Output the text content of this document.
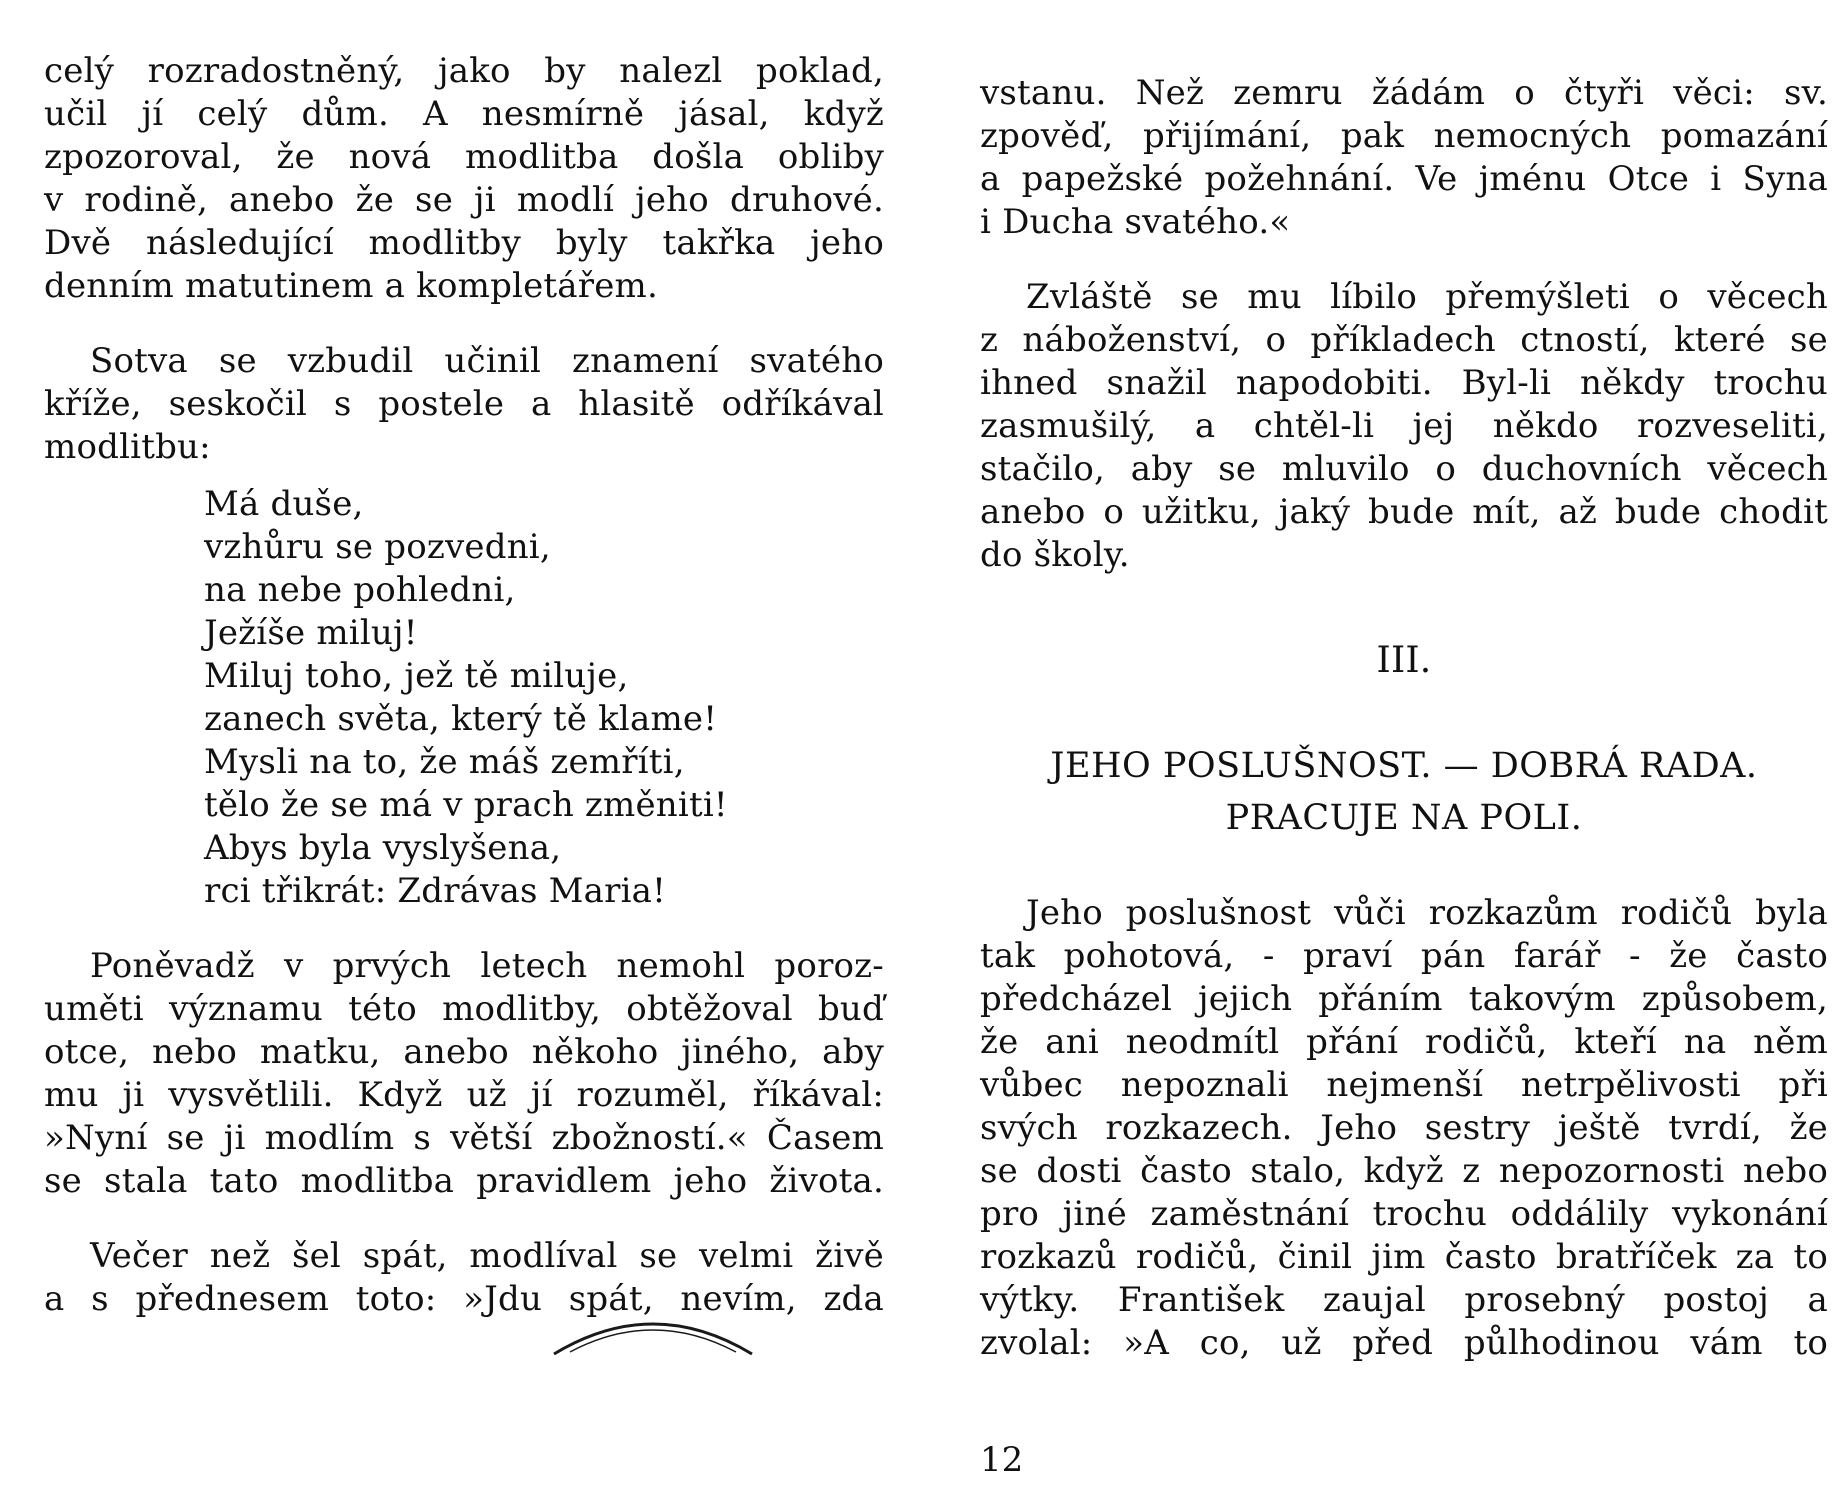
celý rozradostněný, jako by nalezl poklad,
učil jí celý dům. A nesmírně jásal, když
zpozoroval, že nová modlitba došla obliby
v rodině, anebo že se ji modlí jeho druhové.
Dvě následující modlitby byly takřka jeho
denním matutinem a kompletářem.
Sotva se vzbudil učinil znamení svatého
kříže, seskočil s postele a hlasitě odříkával
modlitbu:
Má duše,
vzhůru se pozvedni,
na nebe pohledni,
Ježíše miluj!
Miluj toho, jež tě miluje,
zanech světa, který tě klame!
Mysli na to, že máš zemříti,
tělo že se má v prach změniti!
Abys byla vyslyšena,
rci třikrát: Zdrávas Maria!
Poněvadž v prvých letech nemohl poroz-
uměti významu této modlitby, obtěžoval buď
otce, nebo matku, anebo někoho jiného, aby
mu ji vysvětlili. Když už jí rozuměl, říkával:
»Nyní se ji modlím s větší zbožností.« Časem
se stala tato modlitba pravidlem jeho života.
Večer než šel spát, modlíval se velmi živě
a s přednesem toto: »Jdu spát, nevím, zda
vstanu. Než zemru žádám o čtyři věci: sv.
zpověď, přijímání, pak nemocných pomazání
a papežské požehnání. Ve jménu Otce i Syna
i Ducha svatého.«
Zvláště se mu líbilo přemýšleti o věcech
z náboženství, o příkladech ctností, které se
ihned snažil napodobiti. Byl-li někdy trochu
zasmušilý, a chtěl-li jej někdo rozveseliti,
stačilo, aby se mluvilo o duchovních věcech
anebo o užitku, jaký bude mít, až bude chodit
do školy.
III.
JEHO POSLUŠNOST. — DOBRÁ RADA.
PRACUJE NA POLI.
Jeho poslušnost vůči rozkazům rodičů byla
tak pohotová, - praví pán farář - že často
předcházel jejich přáním takovým způsobem,
že ani neodmítl přání rodičů, kteří na něm
vůbec nepoznali nejmenší netrpělivosti při
svých rozkazech. Jeho sestry ještě tvrdí, že
se dosti často stalo, když z nepozornosti nebo
pro jiné zaměstnání trochu oddálily vykonání
rozkazů rodičů, činil jim často bratříček za to
výtky. František zaujal prosebný postoj a
zvolal: »A co, už před půlhodinou vám to
12
